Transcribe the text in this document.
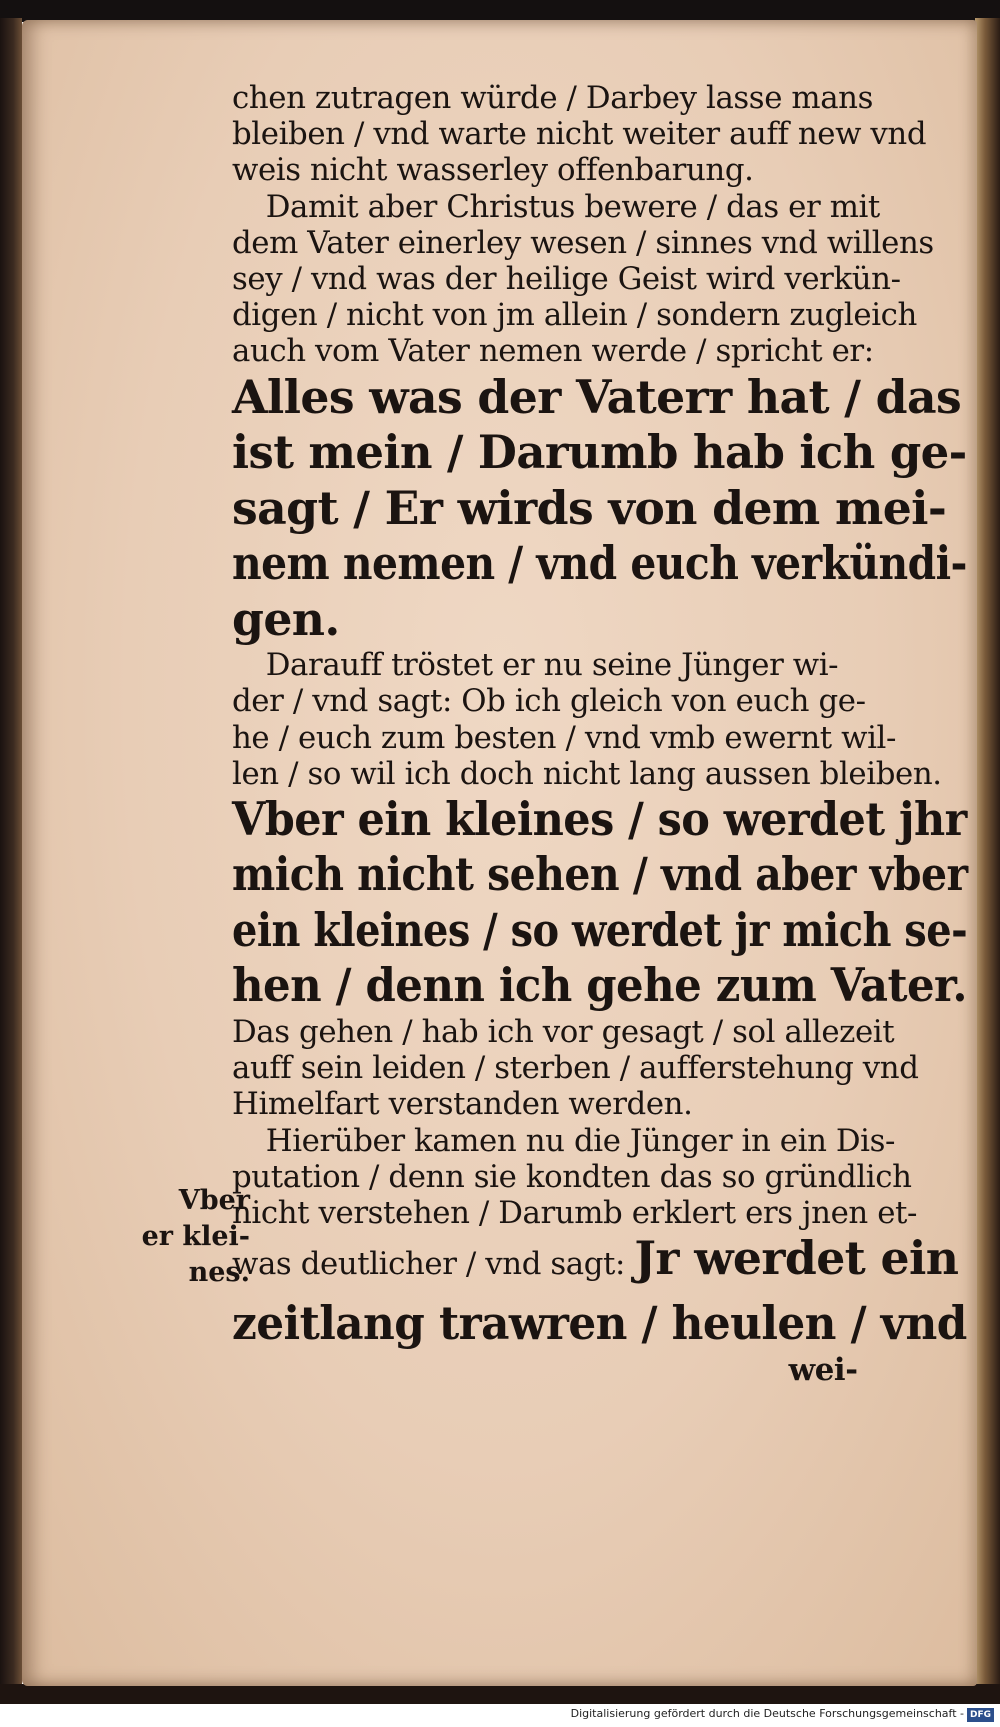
chen zutragen würde / Darbey lasse mans
bleiben / vnd warte nicht weiter auff new vnd
weis nicht wasserley offenbarung.
Damit aber Christus bewere / das er mit
dem Vater einerley wesen / sinnes vnd willens
sey / vnd was der heilige Geist wird verkün-
digen / nicht von jm allein / sondern zugleich
auch vom Vater nemen werde / spricht er:
Alles was der Vaterr hat / das
ist mein / Darumb hab ich ge-
sagt / Er wirds von dem mei-
nem nemen / vnd euch verkündi-
gen.
Darauff tröstet er nu seine Jünger wi-
der / vnd sagt: Ob ich gleich von euch ge-
he / euch zum besten / vnd vmb ewernt wil-
len / so wil ich doch nicht lang aussen bleiben.
Vber ein kleines / so werdet jhr
mich nicht sehen / vnd aber vber
ein kleines / so werdet jr mich se-
hen / denn ich gehe zum Vater.
Das gehen / hab ich vor gesagt / sol allezeit
auff sein leiden / sterben / aufferstehung vnd
Himelfart verstanden werden.
Hierüber kamen nu die Jünger in ein Dis-
putation / denn sie kondten das so gründlich
nicht verstehen / Darumb erklert ers jnen et-
was deutlicher / vnd sagt: Jr werdet ein
zeitlang trawren / heulen / vnd
wei-
Vber
er klei-
nes.
Digitalisierung gefördert durch die Deutsche Forschungsgemeinschaft - DFG
